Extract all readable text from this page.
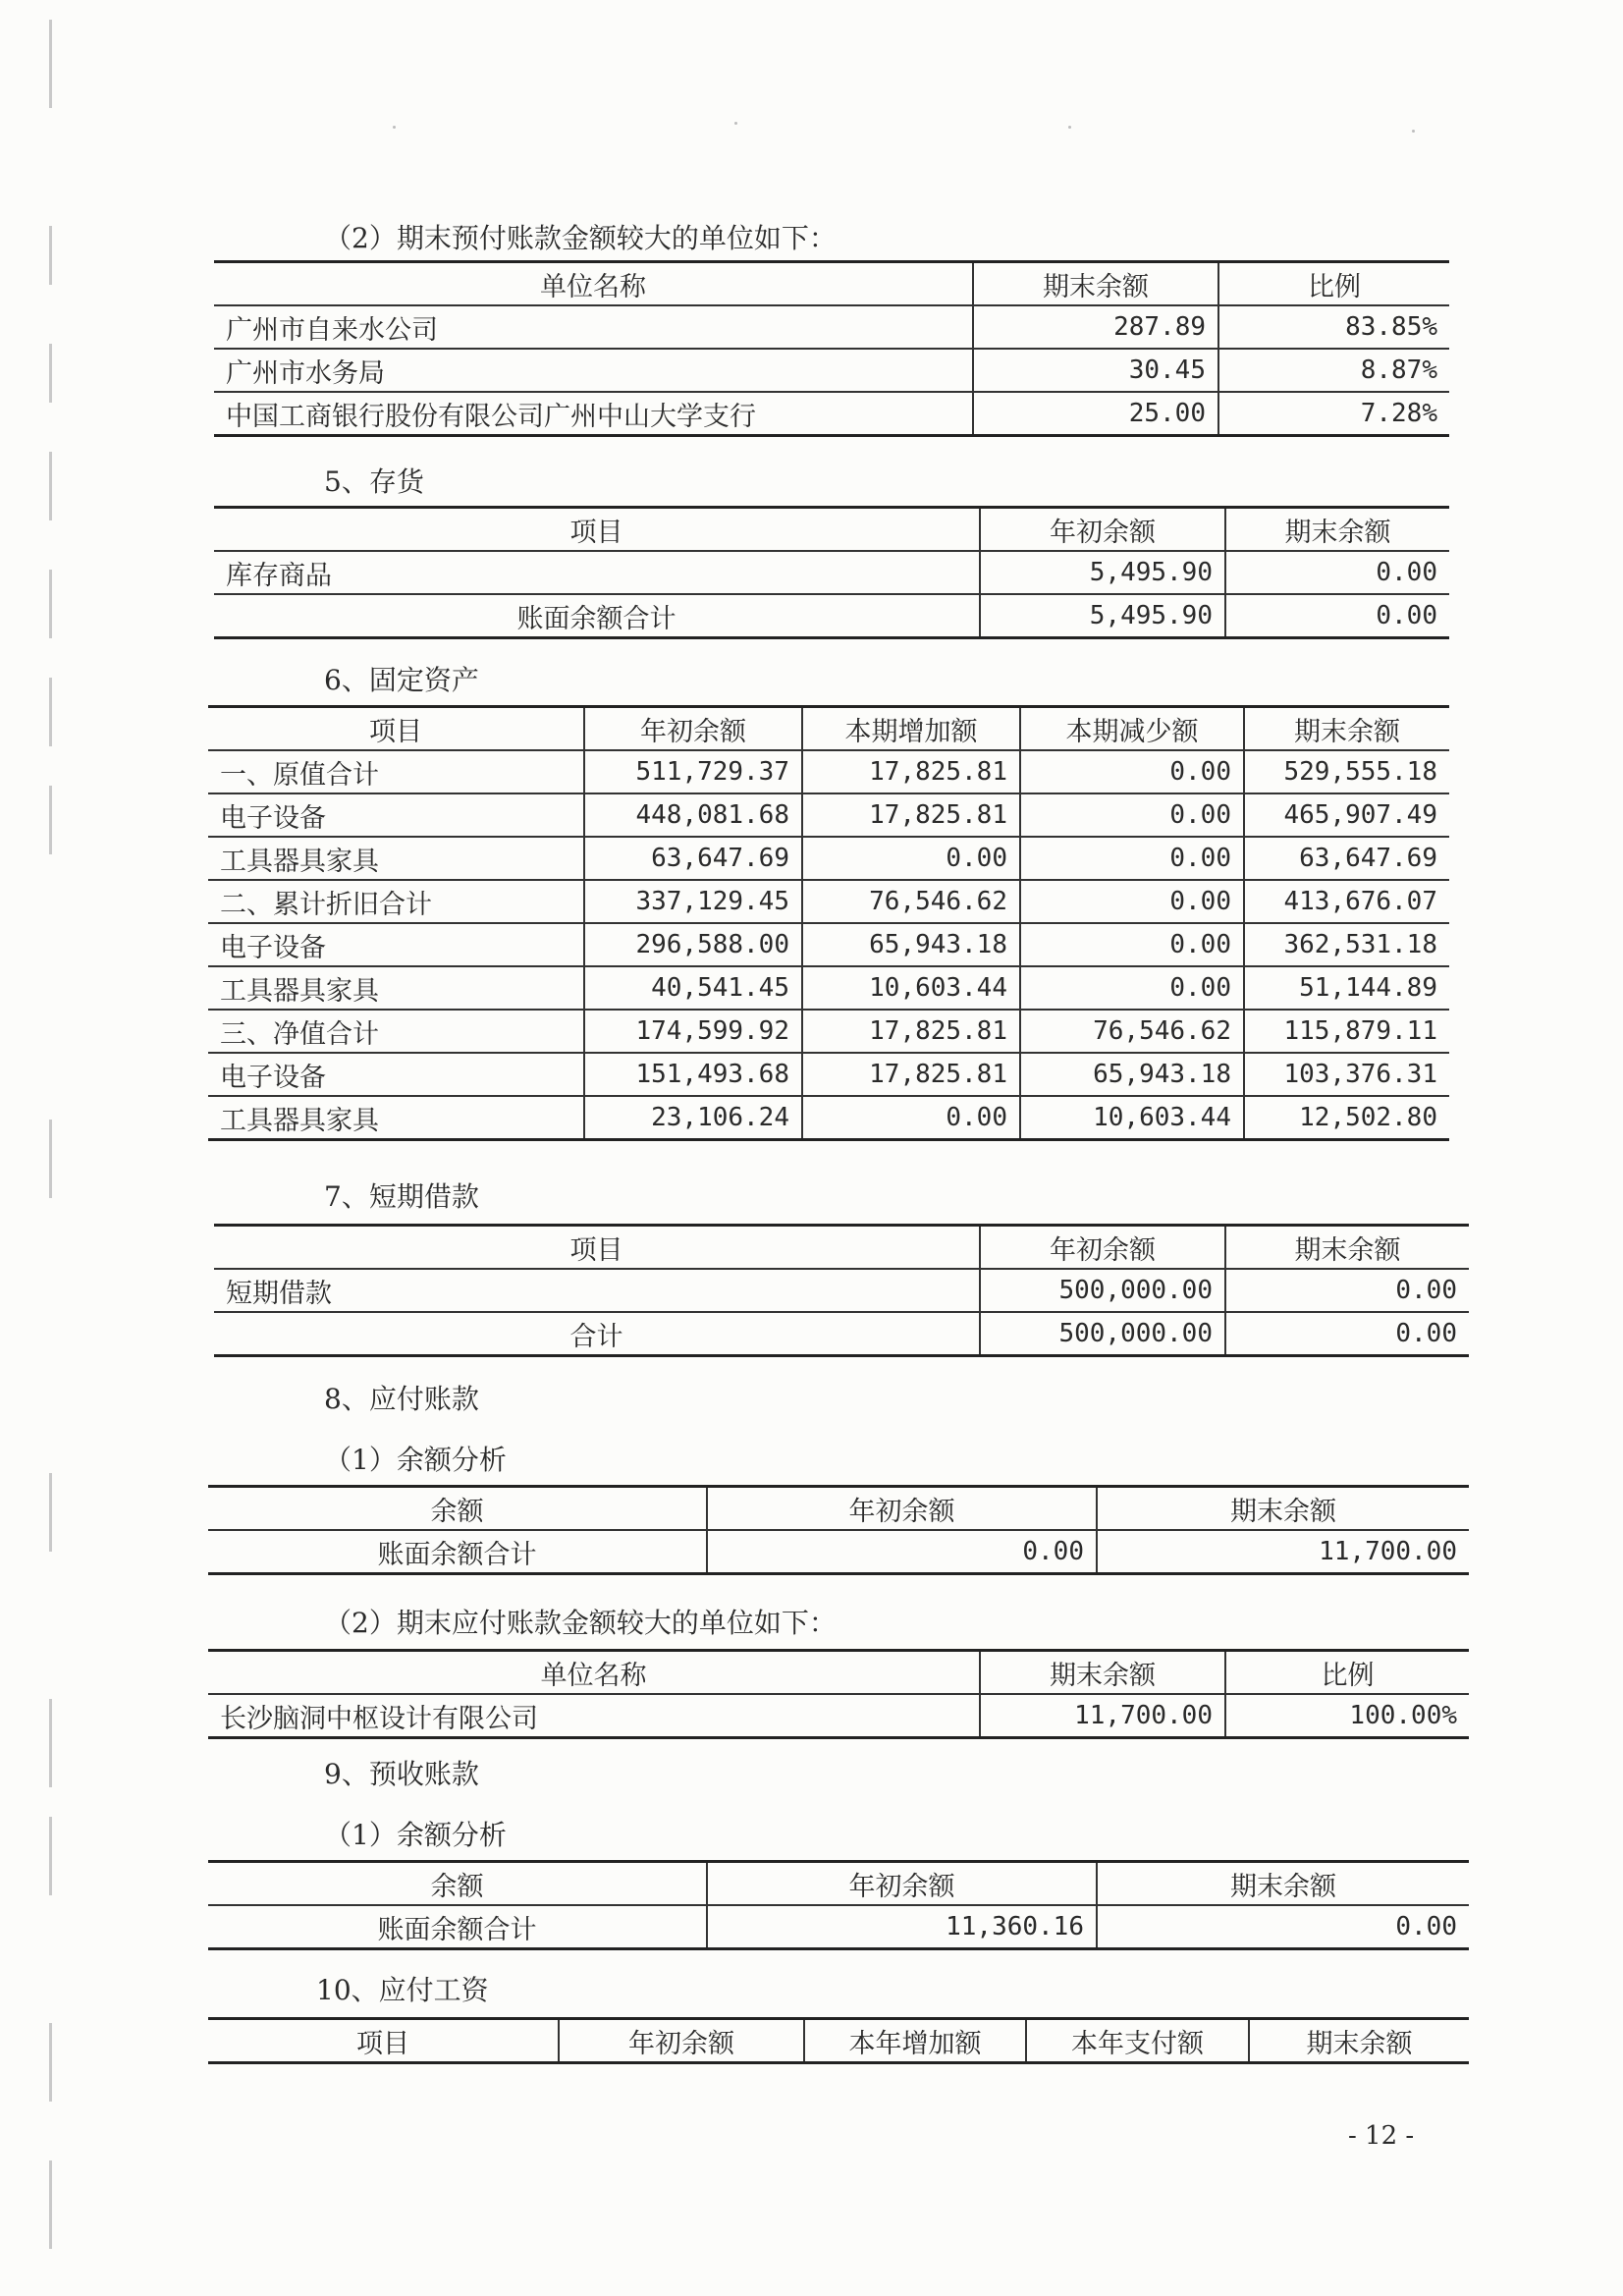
（2）期末预付账款金额较大的单位如下：
单位名称	期末余额	比例
广州市自来水公司	287.89	83.85%
广州市水务局	30.45	8.87%
中国工商银行股份有限公司广州中山大学支行	25.00	7.28%
5、存货
项目	年初余额	期末余额
库存商品	5,495.90	0.00
账面余额合计	5,495.90	0.00
6、固定资产
项目	年初余额	本期增加额	本期减少额	期末余额
一、原值合计	511,729.37	17,825.81	0.00	529,555.18
电子设备	448,081.68	17,825.81	0.00	465,907.49
工具器具家具	63,647.69	0.00	0.00	63,647.69
二、累计折旧合计	337,129.45	76,546.62	0.00	413,676.07
电子设备	296,588.00	65,943.18	0.00	362,531.18
工具器具家具	40,541.45	10,603.44	0.00	51,144.89
三、净值合计	174,599.92	17,825.81	76,546.62	115,879.11
电子设备	151,493.68	17,825.81	65,943.18	103,376.31
工具器具家具	23,106.24	0.00	10,603.44	12,502.80
7、短期借款
项目	年初余额	期末余额
短期借款	500,000.00	0.00
合计	500,000.00	0.00
8、应付账款
（1）余额分析
余额	年初余额	期末余额
账面余额合计	0.00	11,700.00
（2）期末应付账款金额较大的单位如下：
单位名称	期末余额	比例
长沙脑洞中枢设计有限公司	11,700.00	100.00%
9、预收账款
（1）余额分析
余额	年初余额	期末余额
账面余额合计	11,360.16	0.00
10、应付工资
项目	年初余额	本年增加额	本年支付额	期末余额
- 12 -
